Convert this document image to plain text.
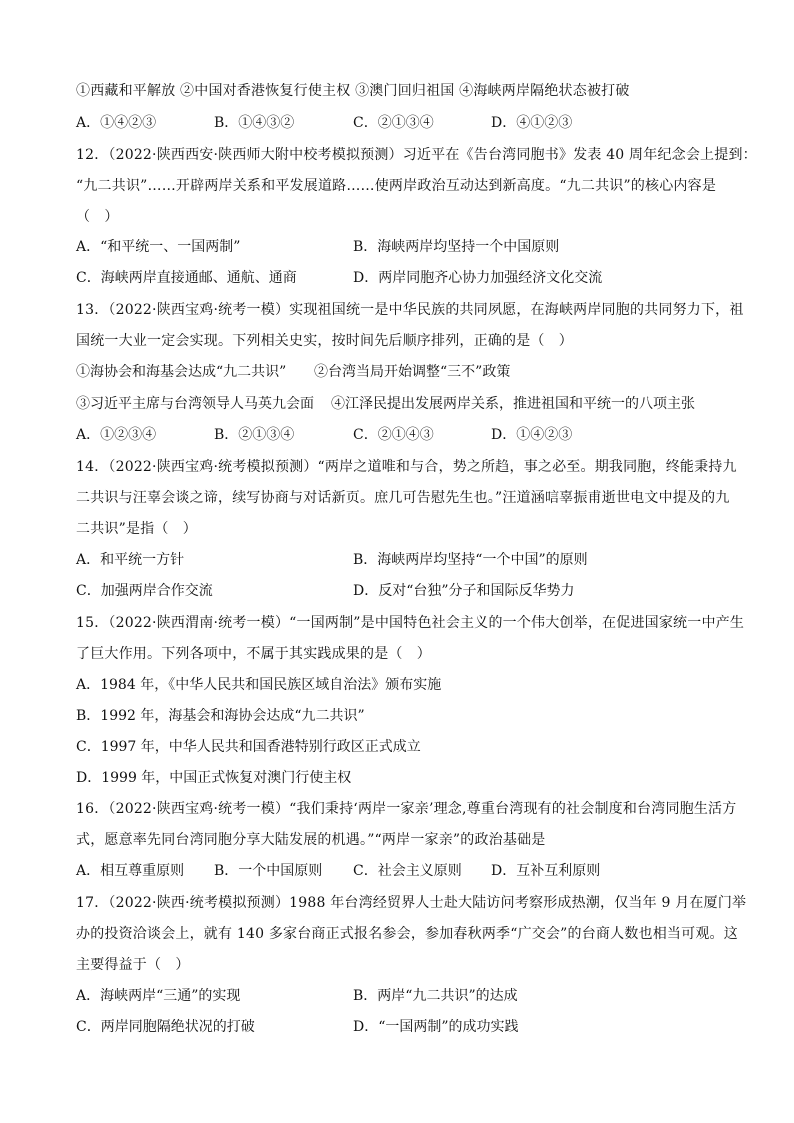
①西藏和平解放 ②中国对香港恢复行使主权 ③澳门回归祖国 ④海峡两岸隔绝状态被打破
A．①④②③	B．①④③②	C．②①③④	D．④①②③
12．（2022·陕西西安·陕西师大附中校考模拟预测）习近平在《告台湾同胞书》发表 40 周年纪念会上提到：
“九二共识”……开辟两岸关系和平发展道路……使两岸政治互动达到新高度。“九二共识”的核心内容是
（　）
A．“和平统一、一国两制”	B．海峡两岸均坚持一个中国原则
C．海峡两岸直接通邮、通航、通商	D．两岸同胞齐心协力加强经济文化交流
13．（2022·陕西宝鸡·统考一模）实现祖国统一是中华民族的共同夙愿，在海峡两岸同胞的共同努力下，祖
国统一大业一定会实现。下列相关史实，按时间先后顺序排列，正确的是（　）
①海协会和海基会达成“九二共识” ②台湾当局开始调整“三不”政策
③习近平主席与台湾领导人马英九会面 ④江泽民提出发展两岸关系，推进祖国和平统一的八项主张
A．①②③④	B．②①③④	C．②①④③	D．①④②③
14．（2022·陕西宝鸡·统考模拟预测）“两岸之道唯和与合，势之所趋，事之必至。期我同胞，终能秉持九
二共识与汪辜会谈之谛，续写协商与对话新页。庶几可告慰先生也。”汪道涵唁辜振甫逝世电文中提及的九
二共识”是指（　）
A．和平统一方针	B．海峡两岸均坚持“一个中国”的原则
C．加强两岸合作交流	D．反对“台独”分子和国际反华势力
15．（2022·陕西渭南·统考一模）“一国两制”是中国特色社会主义的一个伟大创举，在促进国家统一中产生
了巨大作用。下列各项中，不属于其实践成果的是（　）
A．1984 年，《中华人民共和国民族区域自治法》颁布实施
B．1992 年，海基会和海协会达成“九二共识”
C．1997 年，中华人民共和国香港特别行政区正式成立
D．1999 年，中国正式恢复对澳门行使主权
16．（2022·陕西宝鸡·统考一模）“我们秉持‘两岸一家亲’理念,尊重台湾现有的社会制度和台湾同胞生活方
式，愿意率先同台湾同胞分享大陆发展的机遇。”“两岸一家亲”的政治基础是
A．相互尊重原则 B．一个中国原则 C．社会主义原则 D．互补互利原则
17．（2022·陕西·统考模拟预测）1988 年台湾经贸界人士赴大陆访问考察形成热潮，仅当年 9 月在厦门举
办的投资洽谈会上，就有 140 多家台商正式报名参会，参加春秋两季“广交会”的台商人数也相当可观。这
主要得益于（　）
A．海峡两岸“三通”的实现	B．两岸“九二共识”的达成
C．两岸同胞隔绝状况的打破	D．“一国两制”的成功实践
